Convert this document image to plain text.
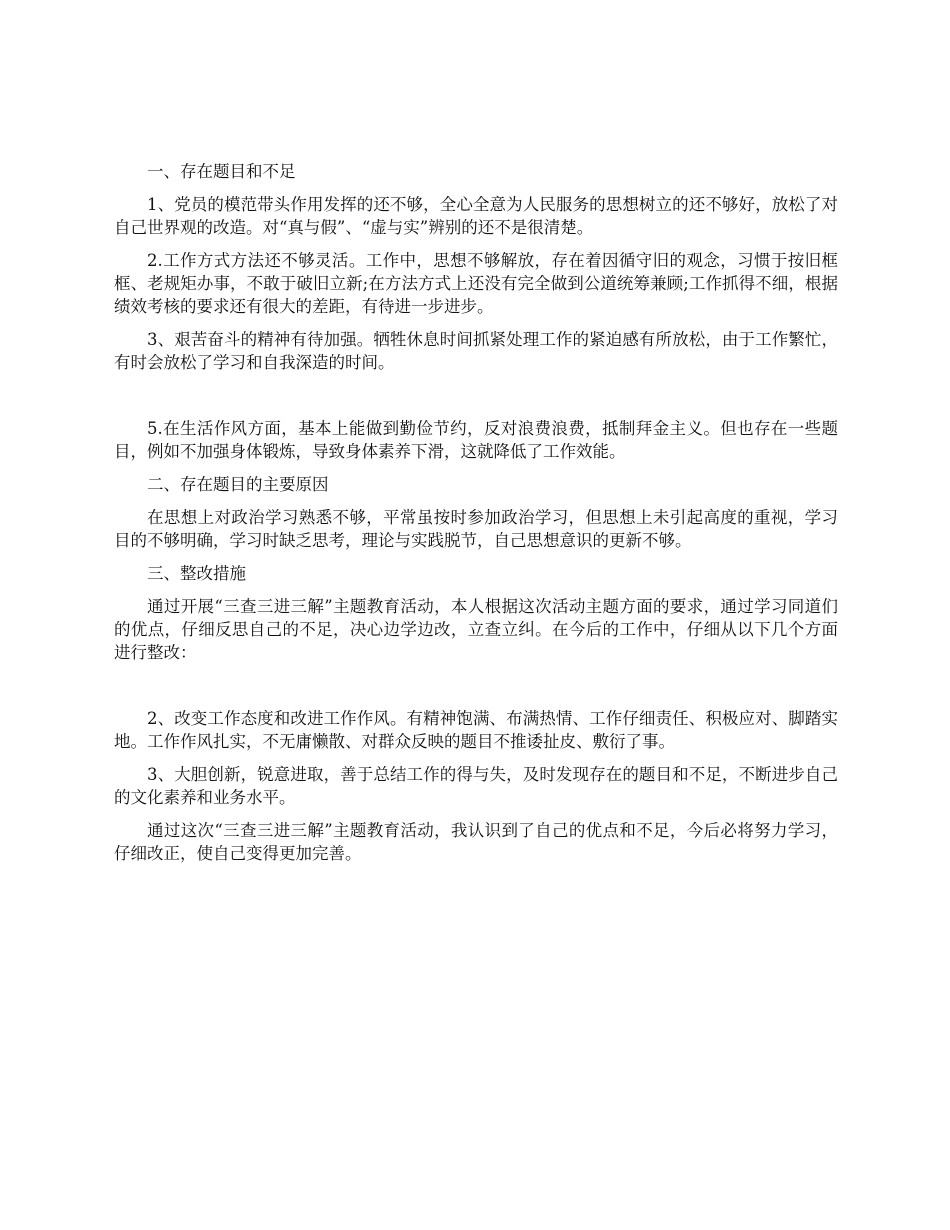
一、存在题目和不足

1、党员的模范带头作用发挥的还不够，全心全意为人民服务的思想树立的还不够好，放松了对自己世界观的改造。对“真与假”、“虚与实”辨别的还不是很清楚。

2.工作方式方法还不够灵活。工作中，思想不够解放，存在着因循守旧的观念，习惯于按旧框框、老规矩办事，不敢于破旧立新;在方法方式上还没有完全做到公道统筹兼顾;工作抓得不细，根据绩效考核的要求还有很大的差距，有待进一步进步。

3、艰苦奋斗的精神有待加强。牺牲休息时间抓紧处理工作的紧迫感有所放松，由于工作繁忙，有时会放松了学习和自我深造的时间。

5.在生活作风方面，基本上能做到勤俭节约，反对浪费浪费，抵制拜金主义。但也存在一些题目，例如不加强身体锻炼，导致身体素养下滑，这就降低了工作效能。

二、存在题目的主要原因

在思想上对政治学习熟悉不够，平常虽按时参加政治学习，但思想上未引起高度的重视，学习目的不够明确，学习时缺乏思考，理论与实践脱节，自己思想意识的更新不够。

三、整改措施

通过开展“三查三进三解”主题教育活动，本人根据这次活动主题方面的要求，通过学习同道们的优点，仔细反思自己的不足，决心边学边改，立查立纠。在今后的工作中，仔细从以下几个方面进行整改：

2、改变工作态度和改进工作作风。有精神饱满、布满热情、工作仔细责任、积极应对、脚踏实地。工作作风扎实，不无庸懒散、对群众反映的题目不推诿扯皮、敷衍了事。

3、大胆创新，锐意进取，善于总结工作的得与失，及时发现存在的题目和不足，不断进步自己的文化素养和业务水平。

通过这次“三查三进三解”主题教育活动，我认识到了自己的优点和不足，今后必将努力学习，仔细改正，使自己变得更加完善。
